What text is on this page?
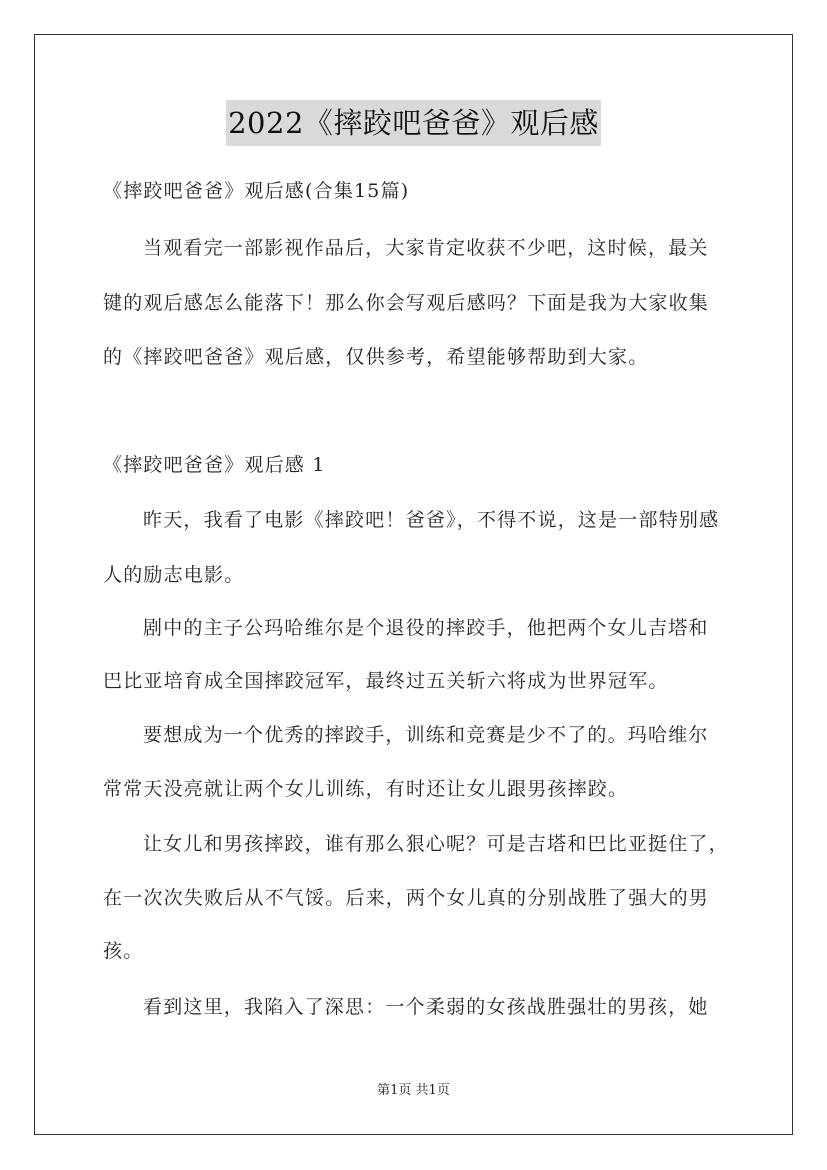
2022《摔跤吧爸爸》观后感
《摔跤吧爸爸》观后感(合集15篇)
当观看完一部影视作品后，大家肯定收获不少吧，这时候，最关
键的观后感怎么能落下！那么你会写观后感吗？下面是我为大家收集
的《摔跤吧爸爸》观后感，仅供参考，希望能够帮助到大家。
《摔跤吧爸爸》观后感 1
昨天，我看了电影《摔跤吧！爸爸》，不得不说，这是一部特别感
人的励志电影。
剧中的主子公玛哈维尔是个退役的摔跤手，他把两个女儿吉塔和
巴比亚培育成全国摔跤冠军，最终过五关斩六将成为世界冠军。
要想成为一个优秀的摔跤手，训练和竞赛是少不了的。玛哈维尔
常常天没亮就让两个女儿训练，有时还让女儿跟男孩摔跤。
让女儿和男孩摔跤，谁有那么狠心呢？可是吉塔和巴比亚挺住了，
在一次次失败后从不气馁。后来，两个女儿真的分别战胜了强大的男
孩。
看到这里，我陷入了深思：一个柔弱的女孩战胜强壮的男孩，她
第1页 共1页
